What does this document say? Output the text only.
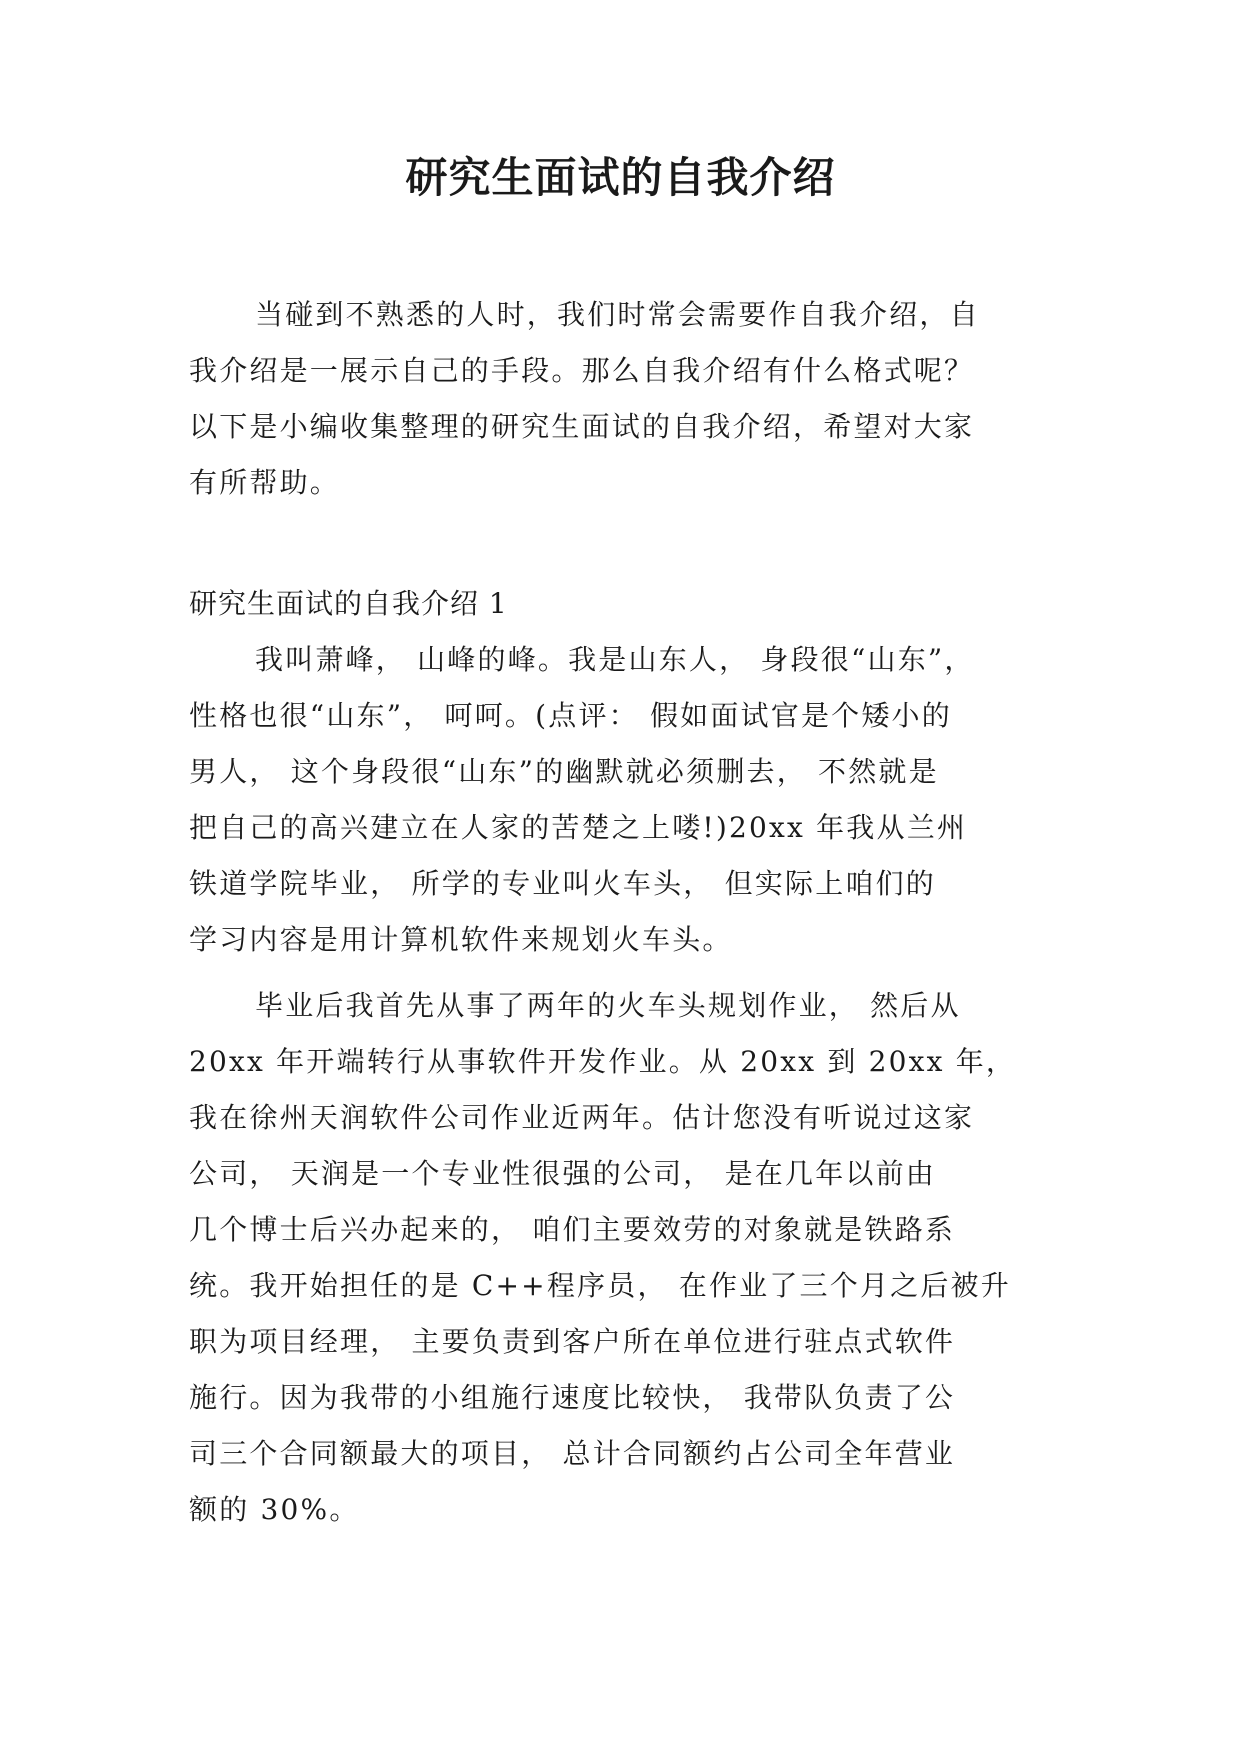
研究生面试的自我介绍
当碰到不熟悉的人时，我们时常会需要作自我介绍，自
我介绍是一展示自己的手段。那么自我介绍有什么格式呢？
以下是小编收集整理的研究生面试的自我介绍，希望对大家
有所帮助。
研究生面试的自我介绍 1
我叫萧峰， 山峰的峰。我是山东人， 身段很“山东”，
性格也很“山东”， 呵呵。(点评： 假如面试官是个矮小的
男人， 这个身段很“山东”的幽默就必须删去， 不然就是
把自己的高兴建立在人家的苦楚之上喽!)20xx 年我从兰州
铁道学院毕业， 所学的专业叫火车头， 但实际上咱们的
学习内容是用计算机软件来规划火车头。
毕业后我首先从事了两年的火车头规划作业， 然后从
20xx 年开端转行从事软件开发作业。从 20xx 到 20xx 年，
我在徐州天润软件公司作业近两年。估计您没有听说过这家
公司， 天润是一个专业性很强的公司， 是在几年以前由
几个博士后兴办起来的， 咱们主要效劳的对象就是铁路系
统。我开始担任的是 C++程序员， 在作业了三个月之后被升
职为项目经理， 主要负责到客户所在单位进行驻点式软件
施行。因为我带的小组施行速度比较快， 我带队负责了公
司三个合同额最大的项目， 总计合同额约占公司全年营业
额的 30%。
